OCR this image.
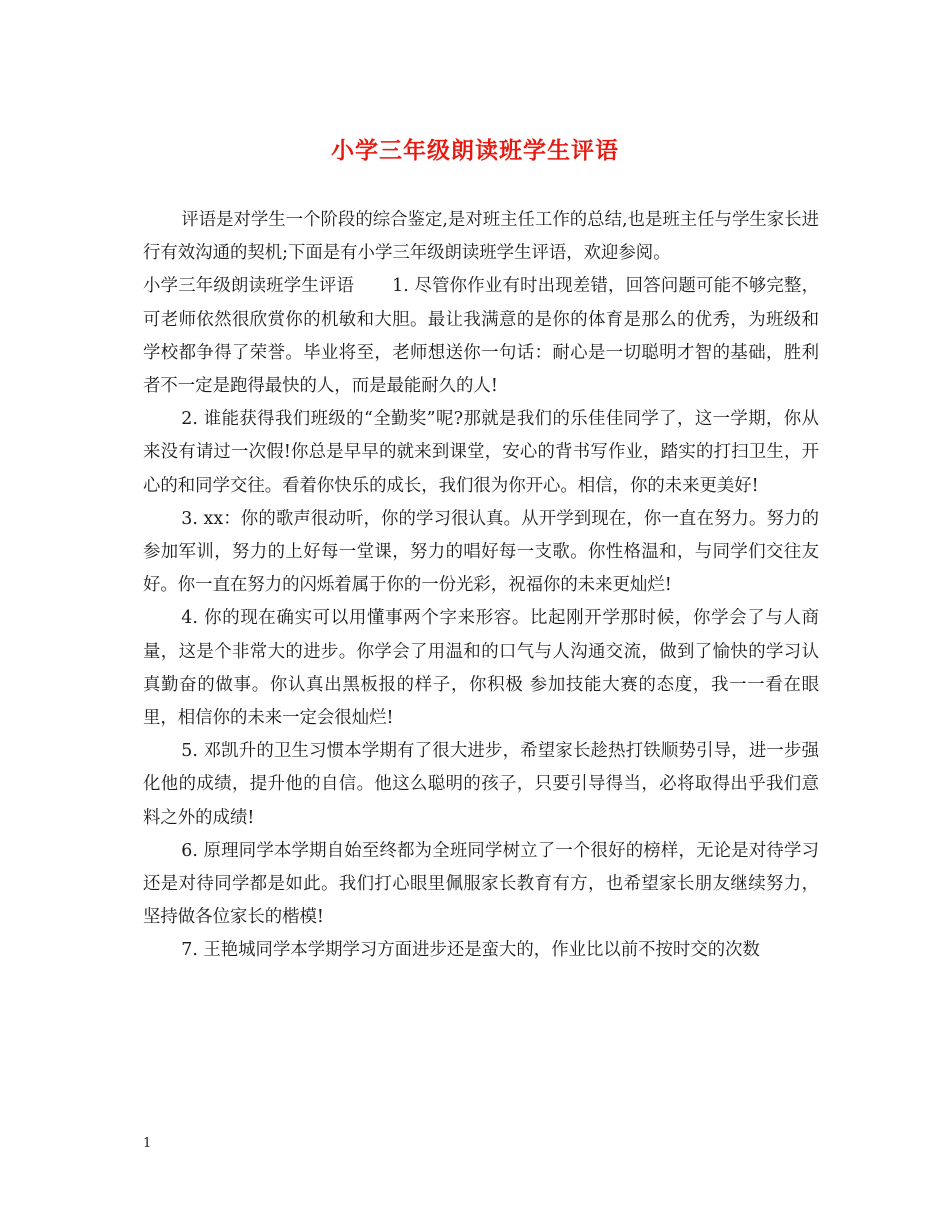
小学三年级朗读班学生评语

评语是对学生一个阶段的综合鉴定,是对班主任工作的总结,也是班主任与学生家长进行有效沟通的契机;下面是有小学三年级朗读班学生评语，欢迎参阅。

小学三年级朗读班学生评语 1. 尽管你作业有时出现差错，回答问题可能不够完整，可老师依然很欣赏你的机敏和大胆。最让我满意的是你的体育是那么的优秀，为班级和学校都争得了荣誉。毕业将至，老师想送你一句话：耐心是一切聪明才智的基础，胜利者不一定是跑得最快的人，而是最能耐久的人!

2. 谁能获得我们班级的“全勤奖”呢?那就是我们的乐佳佳同学了，这一学期，你从来没有请过一次假!你总是早早的就来到课堂，安心的背书写作业，踏实的打扫卫生，开心的和同学交往。看着你快乐的成长，我们很为你开心。相信，你的未来更美好!

3. xx：你的歌声很动听，你的学习很认真。从开学到现在，你一直在努力。努力的参加军训，努力的上好每一堂课，努力的唱好每一支歌。你性格温和，与同学们交往友好。你一直在努力的闪烁着属于你的一份光彩，祝福你的未来更灿烂!

4. 你的现在确实可以用懂事两个字来形容。比起刚开学那时候，你学会了与人商量，这是个非常大的进步。你学会了用温和的口气与人沟通交流，做到了愉快的学习认真勤奋的做事。你认真出黑板报的样子，你积极 参加技能大赛的态度，我一一看在眼里，相信你的未来一定会很灿烂!

5. 邓凯升的卫生习惯本学期有了很大进步，希望家长趁热打铁顺势引导，进一步强化他的成绩，提升他的自信。他这么聪明的孩子，只要引导得当，必将取得出乎我们意料之外的成绩!

6. 原理同学本学期自始至终都为全班同学树立了一个很好的榜样，无论是对待学习还是对待同学都是如此。我们打心眼里佩服家长教育有方，也希望家长朋友继续努力，坚持做各位家长的楷模!

7. 王艳城同学本学期学习方面进步还是蛮大的，作业比以前不按时交的次数

1
